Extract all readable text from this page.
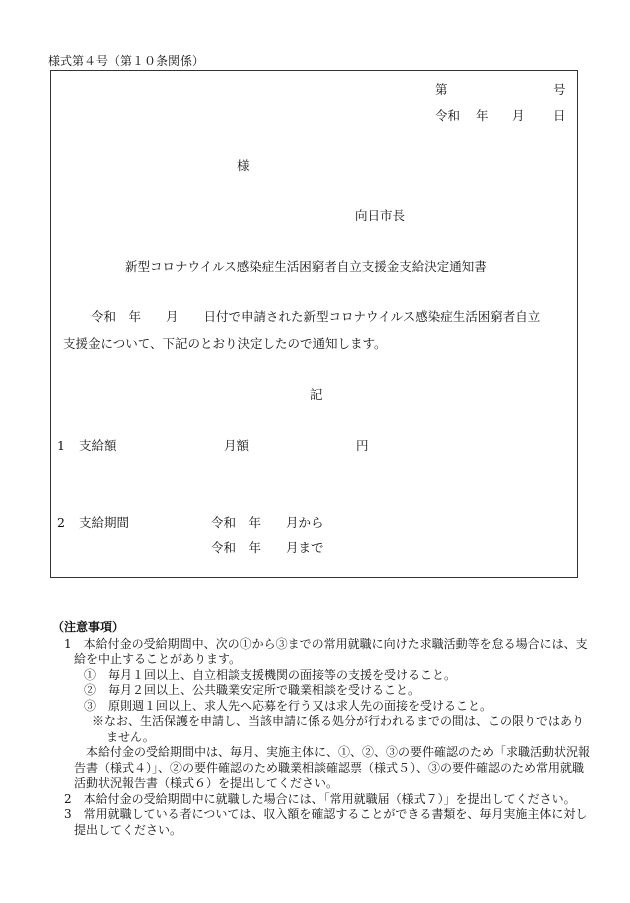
様式第４号（第１０条関係）
第	号
令和 年 月 日
様
向日市長
新型コロナウイルス感染症生活困窮者自立支援金支給決定通知書
令和　年　　月　　日付で申請された新型コロナウイルス感染症生活困窮者自立
支援金について、下記のとおり決定したので通知します。
記
1 支給額	月額	円
2 支給期間	令和　年　　月から
令和　年　　月まで
（注意事項）
1　本給付金の受給期間中、次の①から③までの常用就職に向けた求職活動等を怠る場合には、支給を中止することがあります。
①　毎月１回以上、自立相談支援機関の面接等の支援を受けること。
②　毎月２回以上、公共職業安定所で職業相談を受けること。
③　原則週１回以上、求人先へ応募を行う又は求人先の面接を受けること。
※なお、生活保護を申請し、当該申請に係る処分が行われるまでの間は、この限りではありません。
本給付金の受給期間中は、毎月、実施主体に、①、②、③の要件確認のため「求職活動状況報告書（様式４）」、②の要件確認のため職業相談確認票（様式５）、③の要件確認のため常用就職活動状況報告書（様式６）を提出してください。
2　本給付金の受給期間中に就職した場合には、「常用就職届（様式７）」を提出してください。
3　常用就職している者については、収入額を確認することができる書類を、毎月実施主体に対し提出してください。
